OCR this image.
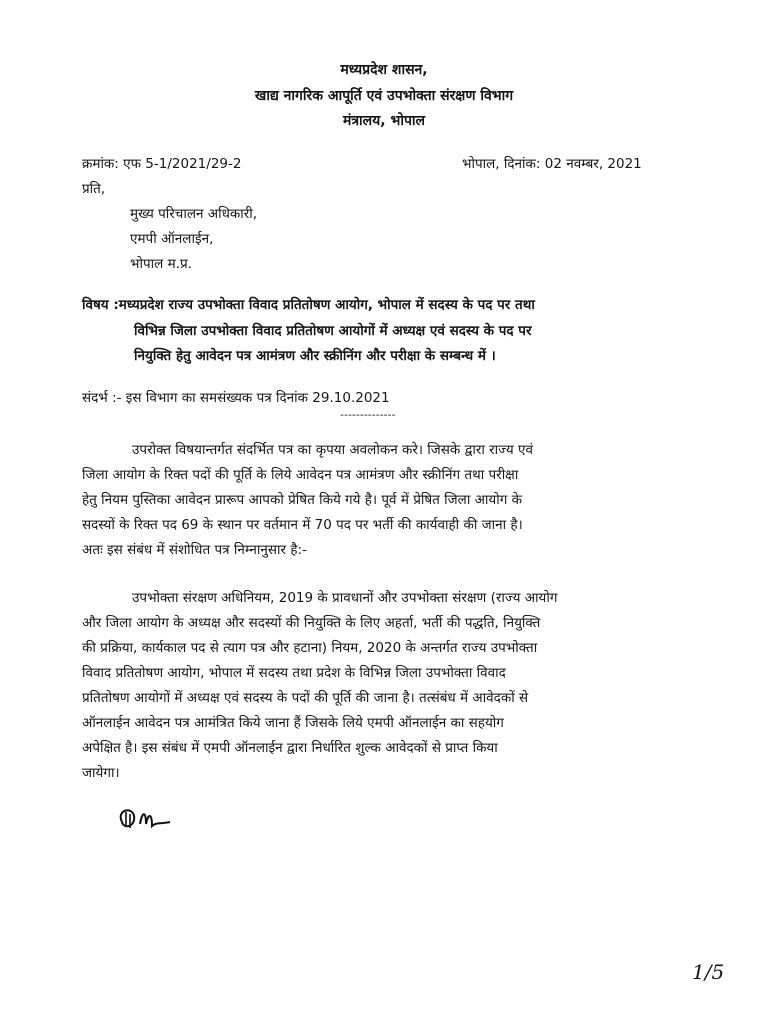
मध्यप्रदेश शासन,
खाद्य नागरिक आपूर्ति एवं उपभोक्ता संरक्षण विभाग
मंत्रालय, भोपाल
क्रमांक: एफ 5-1/2021/29-2	भोपाल, दिनांक: 02 नवम्बर, 2021
प्रति,
मुख्य परिचालन अधिकारी,
एमपी ऑनलाईन,
भोपाल म.प्र.
विषय :मध्यप्रदेश राज्य उपभोक्ता विवाद प्रतितोषण आयोग, भोपाल में सदस्य के पद पर तथा
विभिन्न जिला उपभोक्ता विवाद प्रतितोषण आयोगों में अध्यक्ष एवं सदस्य के पद पर
नियुक्ति हेतु आवेदन पत्र आमंत्रण और स्क्रीनिंग और परीक्षा के सम्बन्ध में ।
संदर्भ :- इस विभाग का समसंख्यक पत्र दिनांक 29.10.2021
--------------
उपरोक्त विषयान्तर्गत संदर्भित पत्र का कृपया अवलोकन करे। जिसके द्वारा राज्य एवं
जिला आयोग के रिक्त पदों की पूर्ति के लिये आवेदन पत्र आमंत्रण और स्क्रीनिंग तथा परीक्षा
हेतु नियम पुस्तिका आवेदन प्रारूप आपको प्रेषित किये गये है। पूर्व में प्रेषित जिला आयोग के
सदस्यों के रिक्त पद 69 के स्थान पर वर्तमान में 70 पद पर भर्ती की कार्यवाही की जाना है।
अतः इस संबंध में संशोधित पत्र निम्नानुसार है:-
उपभोक्ता संरक्षण अधिनियम, 2019 के प्रावधानों और उपभोक्ता संरक्षण (राज्य आयोग
और जिला आयोग के अध्यक्ष और सदस्यों की नियुक्ति के लिए अहर्ता, भर्ती की पद्धति, नियुक्ति
की प्रक्रिया, कार्यकाल पद से त्याग पत्र और हटाना) नियम, 2020 के अन्तर्गत राज्य उपभोक्ता
विवाद प्रतितोषण आयोग, भोपाल में सदस्य तथा प्रदेश के विभिन्न जिला उपभोक्ता विवाद
प्रतितोषण आयोगों में अध्यक्ष एवं सदस्य के पदों की पूर्ति की जाना है। तत्संबंध में आवेदकों से
ऑनलाईन आवेदन पत्र आमंत्रित किये जाना हैं जिसके लिये एमपी ऑनलाईन का सहयोग
अपेक्षित है। इस संबंध में एमपी ऑनलाईन द्वारा निर्धारित शुल्क आवेदकों से प्राप्त किया
जायेगा।
1/5
